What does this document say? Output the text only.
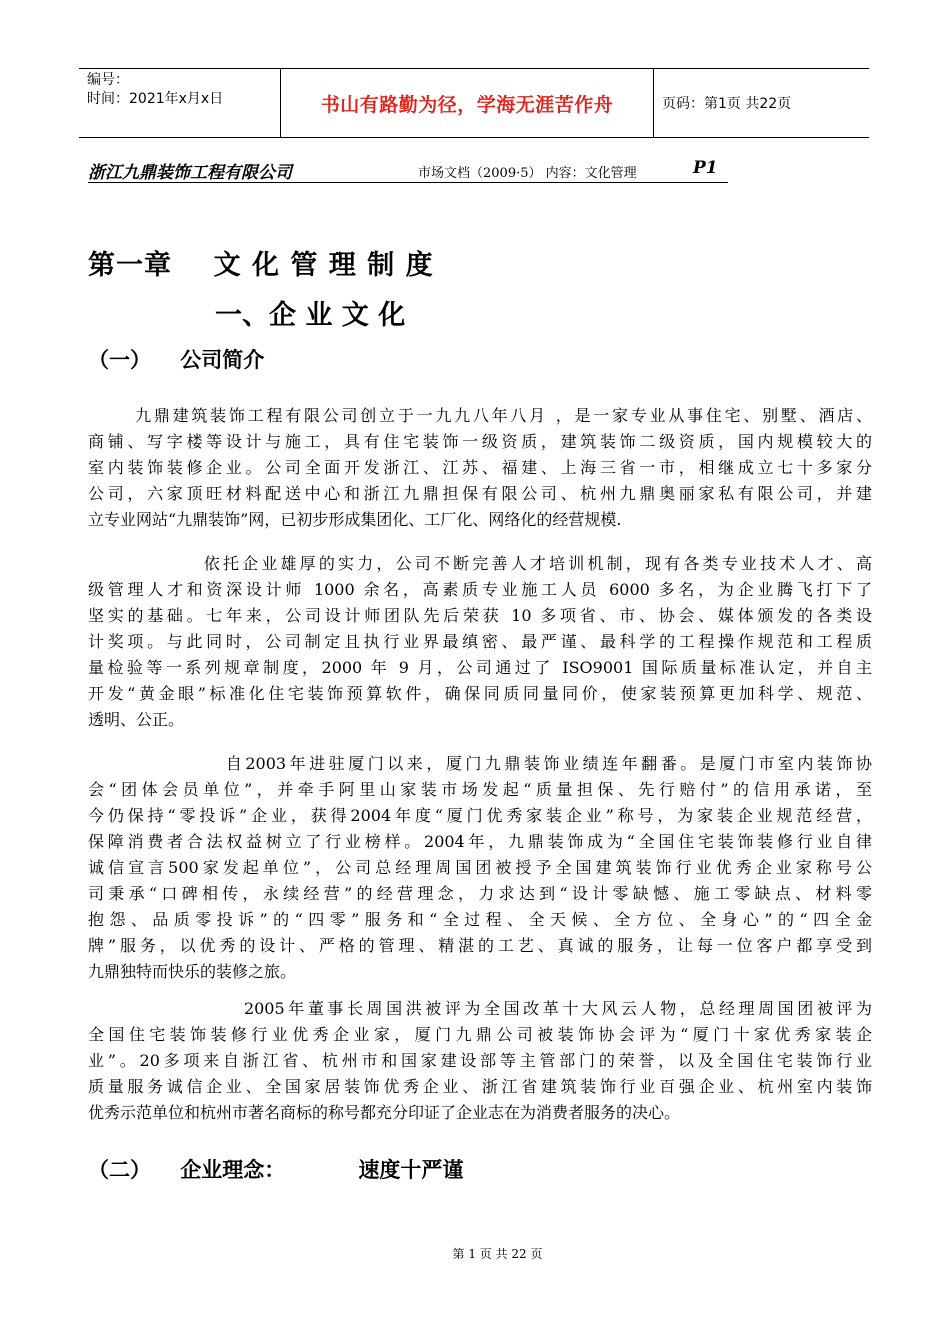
编号：
时间：2021年x月x日	书山有路勤为径，学海无涯苦作舟	页码：第1页 共22页
浙江九鼎装饰工程有限公司	市场文档（2009·5） 内容：文化管理	P1
第一章    文 化 管 理 制 度
一、企 业 文 化
（一）    公司简介
九鼎建筑装饰工程有限公司创立于一九九八年八月 ，是一家专业从事住宅、别墅、酒店、
商铺、写字楼等设计与施工，具有住宅装饰一级资质，建筑装饰二级资质，国内规模较大的
室内装饰装修企业。公司全面开发浙江、江苏、福建、上海三省一市，相继成立七十多家分
公司，六家顶旺材料配送中心和浙江九鼎担保有限公司、杭州九鼎奥丽家私有限公司，并建
立专业网站“九鼎装饰”网，已初步形成集团化、工厂化、网络化的经营规模.
依托企业雄厚的实力，公司不断完善人才培训机制，现有各类专业技术人才、高
级管理人才和资深设计师 1000 余名，高素质专业施工人员 6000 多名，为企业腾飞打下了
坚实的基础。七年来，公司设计师团队先后荣获 10 多项省、市、协会、媒体颁发的各类设
计奖项。与此同时，公司制定且执行业界最缜密、最严谨、最科学的工程操作规范和工程质
量检验等一系列规章制度，2000 年 9 月，公司通过了 ISO9001 国际质量标准认定，并自主
开发“黄金眼”标准化住宅装饰预算软件，确保同质同量同价，使家装预算更加科学、规范、
透明、公正。
自2003年进驻厦门以来，厦门九鼎装饰业绩连年翻番。是厦门市室内装饰协
会“团体会员单位”，并牵手阿里山家装市场发起“质量担保、先行赔付”的信用承诺，至
今仍保持“零投诉”企业，获得2004年度“厦门优秀家装企业”称号，为家装企业规范经营，
保障消费者合法权益树立了行业榜样。2004年，九鼎装饰成为“全国住宅装饰装修行业自律
诚信宣言500家发起单位”，公司总经理周国团被授予全国建筑装饰行业优秀企业家称号公
司秉承“口碑相传，永续经营”的经营理念，力求达到“设计零缺憾、施工零缺点、材料零
抱怨、品质零投诉”的“四零”服务和“全过程、全天候、全方位、全身心”的“四全金
牌”服务，以优秀的设计、严格的管理、精湛的工艺、真诚的服务，让每一位客户都享受到
九鼎独特而快乐的装修之旅。
2005年董事长周国洪被评为全国改革十大风云人物，总经理周国团被评为
全国住宅装饰装修行业优秀企业家，厦门九鼎公司被装饰协会评为“厦门十家优秀家装企
业”。20多项来自浙江省、杭州市和国家建设部等主管部门的荣誉，以及全国住宅装饰行业
质量服务诚信企业、全国家居装饰优秀企业、浙江省建筑装饰行业百强企业、杭州室内装饰
优秀示范单位和杭州市著名商标的称号都充分印证了企业志在为消费者服务的决心。
（二）    企业理念：          速度十严谨
第 1 页 共 22 页
